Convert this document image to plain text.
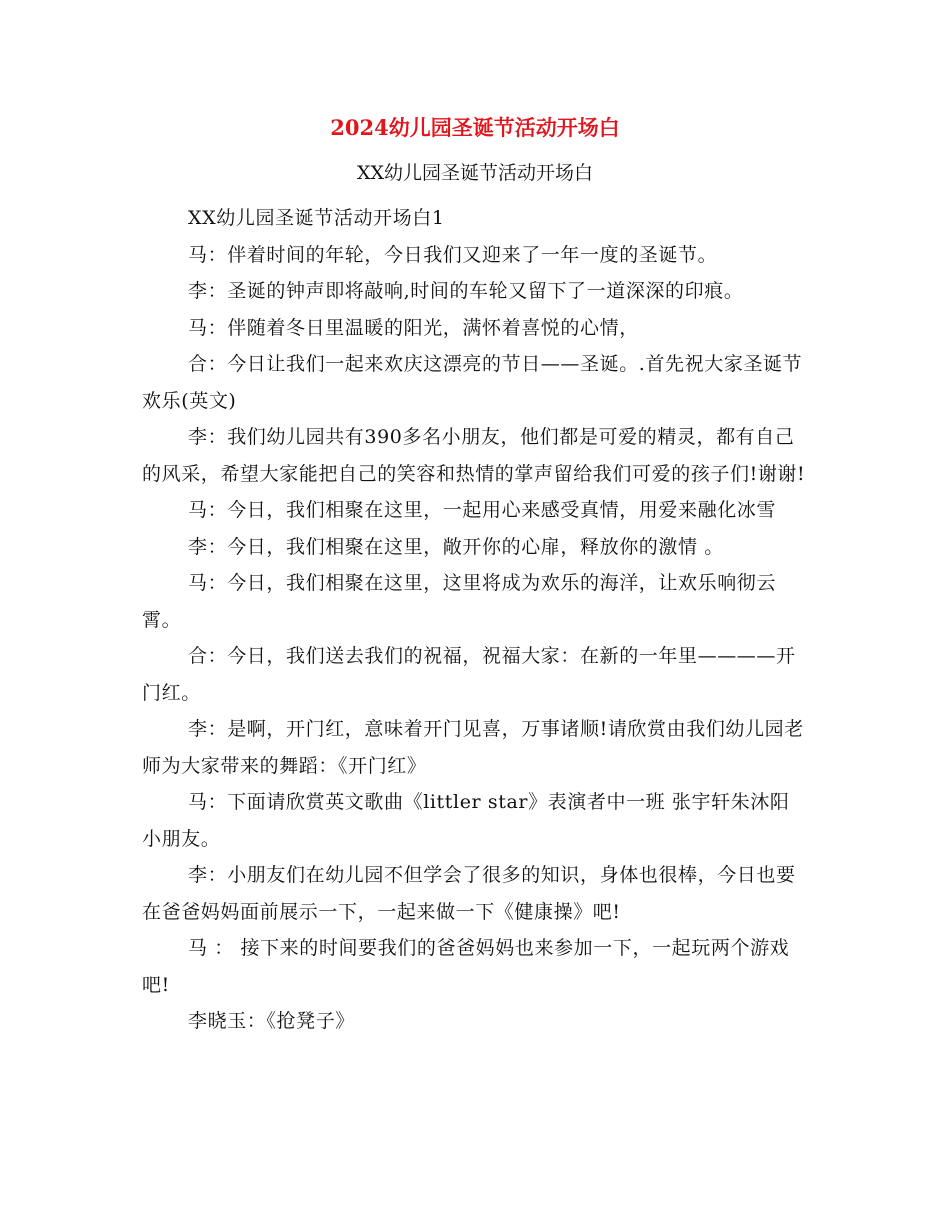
2024幼儿园圣诞节活动开场白

XX幼儿园圣诞节活动开场白

XX幼儿园圣诞节活动开场白1

马：伴着时间的年轮，今日我们又迎来了一年一度的圣诞节。

李：圣诞的钟声即将敲响,时间的车轮又留下了一道深深的印痕。

马：伴随着冬日里温暖的阳光，满怀着喜悦的心情，

合：今日让我们一起来欢庆这漂亮的节日——圣诞。.首先祝大家圣诞节欢乐(英文)

李：我们幼儿园共有390多名小朋友，他们都是可爱的精灵，都有自己的风采，希望大家能把自己的笑容和热情的掌声留给我们可爱的孩子们!谢谢!

马：今日，我们相聚在这里，一起用心来感受真情，用爱来融化冰雪

李：今日，我们相聚在这里，敞开你的心扉，释放你的激情 。

马：今日，我们相聚在这里，这里将成为欢乐的海洋，让欢乐响彻云霄。

合：今日，我们送去我们的祝福，祝福大家：在新的一年里————开门红。

李：是啊，开门红，意味着开门见喜，万事诸顺!请欣赏由我们幼儿园老师为大家带来的舞蹈：《开门红》

马：下面请欣赏英文歌曲《littler star》表演者中一班 张宇轩朱沐阳小朋友。

李：小朋友们在幼儿园不但学会了很多的知识，身体也很棒，今日也要在爸爸妈妈面前展示一下，一起来做一下《健康操》吧!

马 ： 接下来的时间要我们的爸爸妈妈也来参加一下，一起玩两个游戏吧!

李晓玉：《抢凳子》
